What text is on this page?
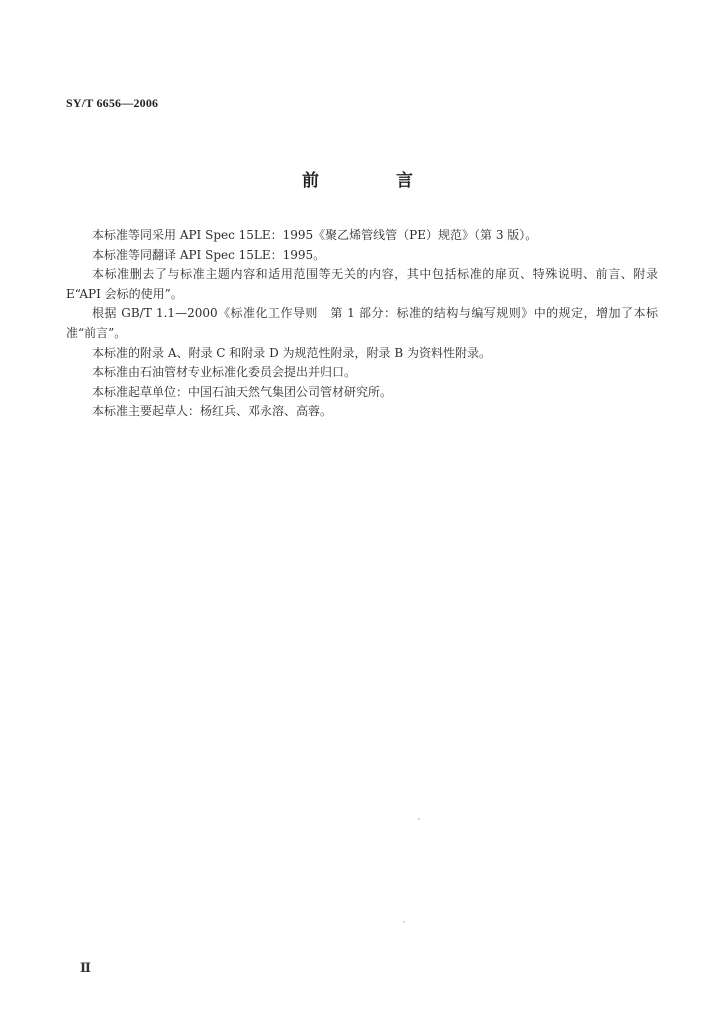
SY/T 6656—2006
前　言

本标准等同采用 API Spec 15LE：1995《聚乙烯管线管（PE）规范》（第 3 版）。

本标准等同翻译 API Spec 15LE：1995。

本标准删去了与标准主题内容和适用范围等无关的内容，其中包括标准的扉页、特殊说明、前言、附录 E“API 会标的使用”。

根据 GB/T 1.1—2000《标准化工作导则　第 1 部分：标准的结构与编写规则》中的规定，增加了本标准“前言”。

本标准的附录 A、附录 C 和附录 D 为规范性附录，附录 B 为资料性附录。

本标准由石油管材专业标准化委员会提出并归口。

本标准起草单位：中国石油天然气集团公司管材研究所。

本标准主要起草人：杨红兵、邓永溶、高蓉。

Ⅱ
